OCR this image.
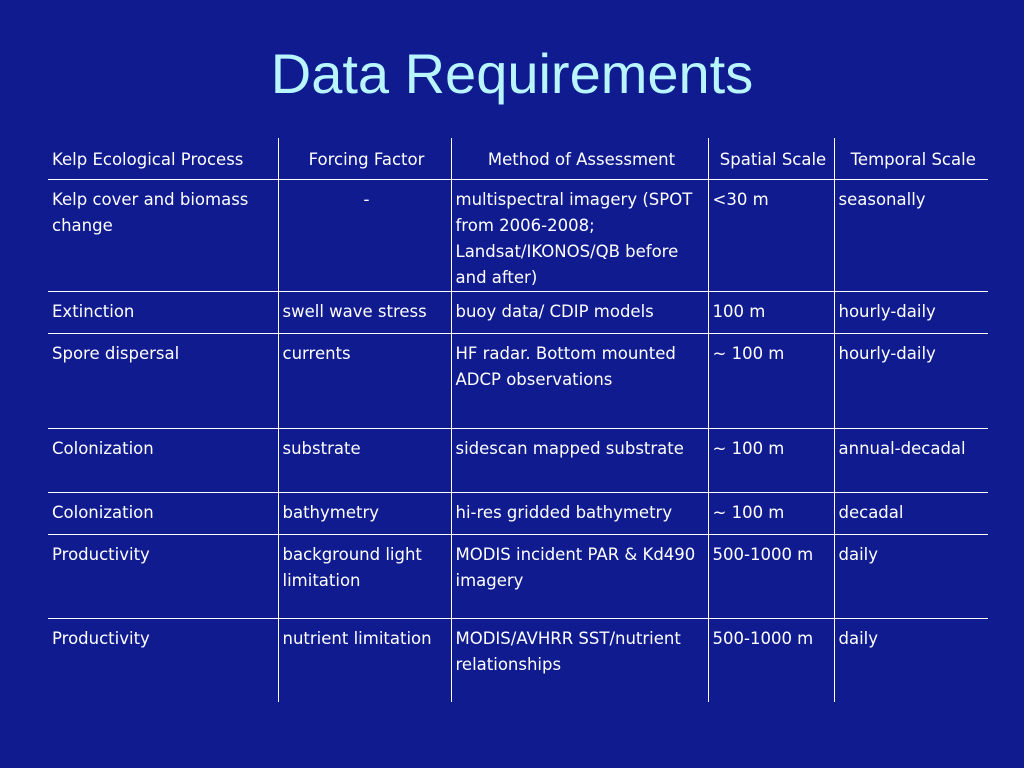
Data Requirements
Kelp Ecological Process	Forcing Factor	Method of Assessment	Spatial Scale	Temporal Scale
Kelp cover and biomass change	-	multispectral imagery (SPOT from 2006-2008; Landsat/IKONOS/QB before and after)	<30 m	seasonally
Extinction	swell wave stress	buoy data/ CDIP models	100 m	hourly-daily
Spore dispersal	currents	HF radar. Bottom mounted ADCP observations	~ 100 m	hourly-daily
Colonization	substrate	sidescan mapped substrate	~ 100 m	annual-decadal
Colonization	bathymetry	hi-res gridded bathymetry	~ 100 m	decadal
Productivity	background light limitation	MODIS incident PAR & Kd490 imagery	500-1000 m	daily
Productivity	nutrient limitation	MODIS/AVHRR SST/nutrient relationships	500-1000 m	daily
